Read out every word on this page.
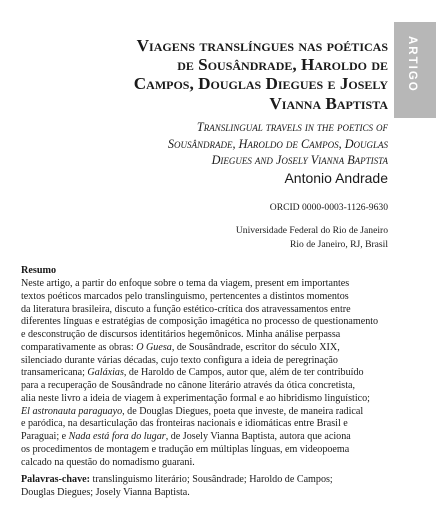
ARTIGO
Viagens translíngues nas poéticas
de Sousândrade, Haroldo de
Campos, Douglas Diegues e Josely
Vianna Baptista
Translingual travels in the poetics of
Sousândrade, Haroldo de Campos, Douglas
Diegues and Josely Vianna Baptista
Antonio Andrade
ORCID 0000-0003-1126-9630
Universidade Federal do Rio de Janeiro
Rio de Janeiro, RJ, Brasil
Resumo
Neste artigo, a partir do enfoque sobre o tema da viagem, present em importantes
textos poéticos marcados pelo translinguismo, pertencentes a distintos momentos
da literatura brasileira, discuto a função estético-crítica dos atravessamentos entre
diferentes línguas e estratégias de composição imagética no processo de questionamento
e desconstrução de discursos identitários hegemônicos. Minha análise perpassa
comparativamente as obras: O Guesa, de Sousândrade, escritor do século XIX,
silenciado durante várias décadas, cujo texto configura a ideia de peregrinação
transamericana; Galáxias, de Haroldo de Campos, autor que, além de ter contribuído
para a recuperação de Sousândrade no cânone literário através da ótica concretista,
alia neste livro a ideia de viagem à experimentação formal e ao hibridismo linguístico;
El astronauta paraguayo, de Douglas Diegues, poeta que investe, de maneira radical
e paródica, na desarticulação das fronteiras nacionais e idiomáticas entre Brasil e
Paraguai; e Nada está fora do lugar, de Josely Vianna Baptista, autora que aciona
os procedimentos de montagem e tradução em múltiplas línguas, em videopoema
calcado na questão do nomadismo guarani.
Palavras-chave: translinguismo literário; Sousândrade; Haroldo de Campos;
Douglas Diegues; Josely Vianna Baptista.
